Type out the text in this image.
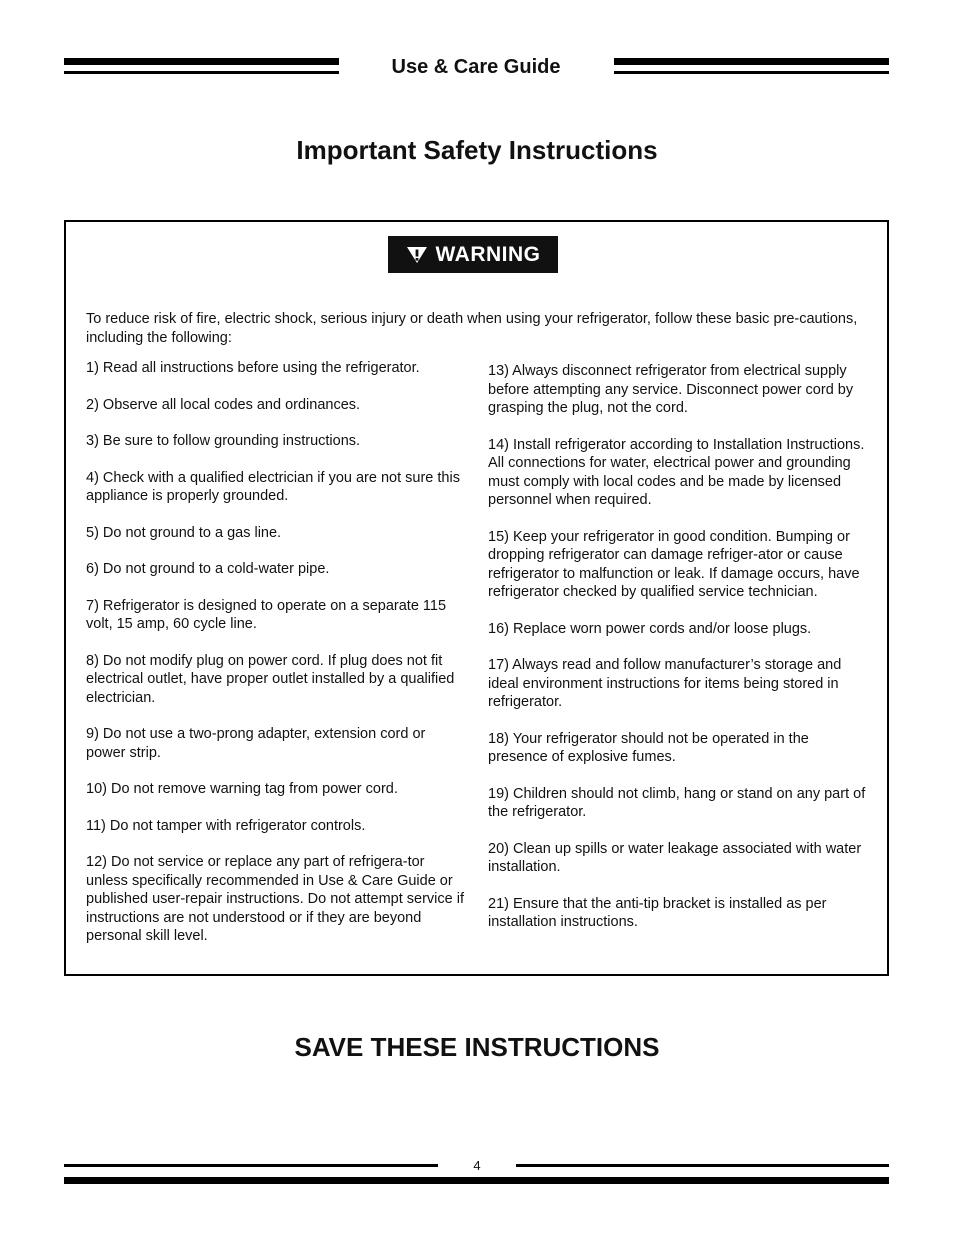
Use & Care Guide
Important Safety Instructions
WARNING
To reduce risk of fire, electric shock, serious injury or death when using your refrigerator, follow these basic pre-cautions, including the following:
1) Read all instructions before using the refrigerator.
2) Observe all local codes and ordinances.
3) Be sure to follow grounding instructions.
4) Check with a qualified electrician if you are not sure this appliance is properly grounded.
5) Do not ground to a gas line.
6) Do not ground to a cold-water pipe.
7) Refrigerator is designed to operate on a separate 115 volt, 15 amp, 60 cycle line.
8) Do not modify plug on power cord. If plug does not fit electrical outlet, have proper outlet installed by a qualified electrician.
9) Do not use a two-prong adapter, extension cord or power strip.
10) Do not remove warning tag from power cord.
11) Do not tamper with refrigerator controls.
12) Do not service or replace any part of refrigera-tor unless specifically recommended in Use & Care Guide or published user-repair instructions. Do not attempt service if instructions are not understood or if they are beyond personal skill level.
13) Always disconnect refrigerator from electrical supply before attempting any service. Disconnect power cord by grasping the plug, not the cord.
14) Install refrigerator according to Installation Instructions. All connections for water, electrical power and grounding must comply with local codes and be made by licensed personnel when required.
15) Keep your refrigerator in good condition. Bumping or dropping refrigerator can damage refriger-ator or cause refrigerator to malfunction or leak. If damage occurs, have refrigerator checked by qualified service technician.
16) Replace worn power cords and/or loose plugs.
17) Always read and follow manufacturer’s storage and ideal environment instructions for items being stored in refrigerator.
18) Your refrigerator should not be operated in the presence of explosive fumes.
19) Children should not climb, hang or stand on any part of the refrigerator.
20) Clean up spills or water leakage associated with water installation.
21) Ensure that the anti-tip bracket is installed as per installation instructions.
SAVE THESE INSTRUCTIONS
4
